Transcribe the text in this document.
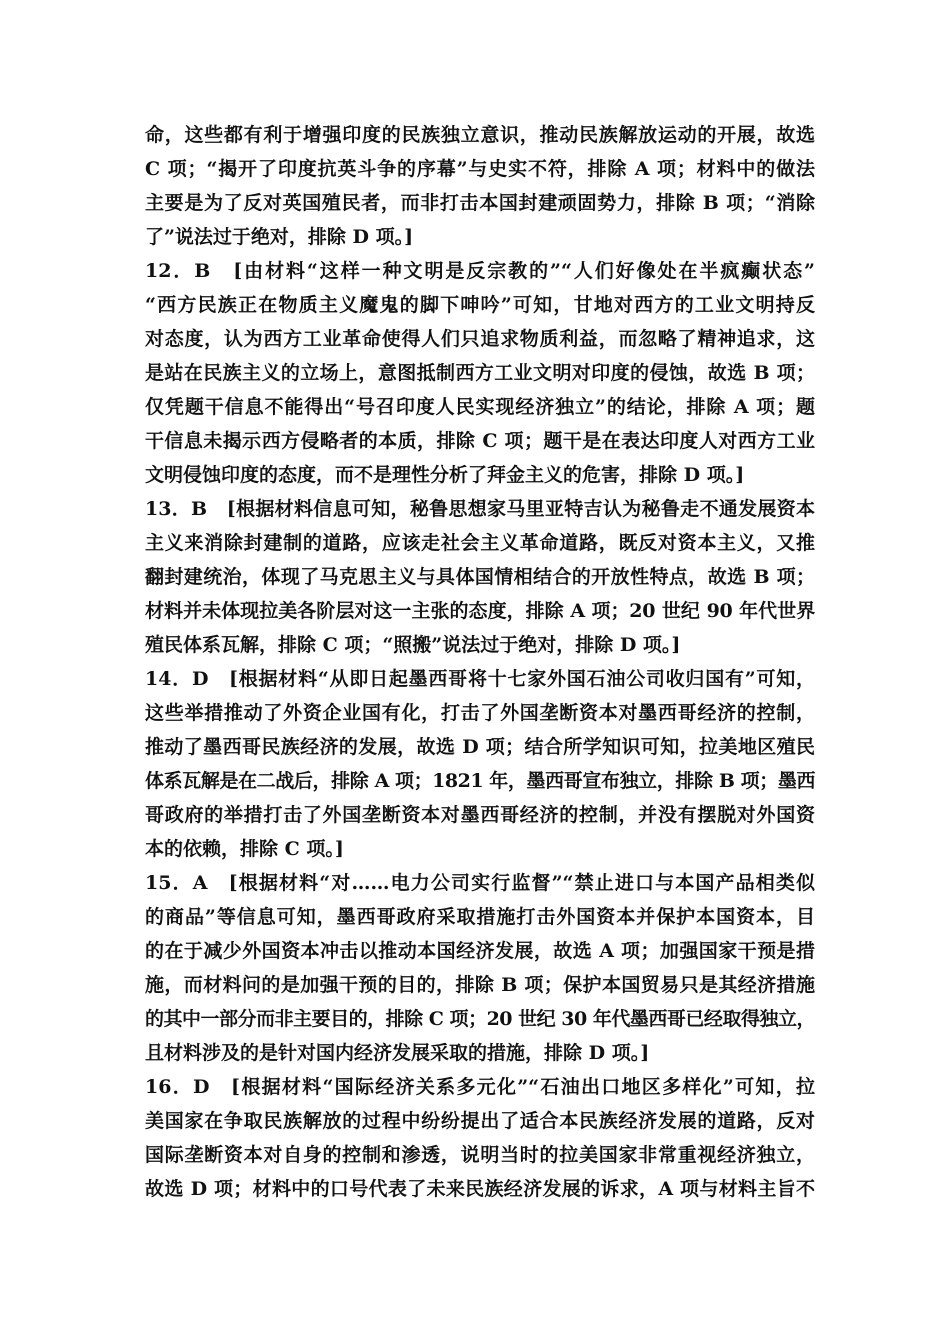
命，这些都有利于增强印度的民族独立意识，推动民族解放运动的开展，故选
C 项；“揭开了印度抗英斗争的序幕”与史实不符，排除 A 项；材料中的做法
主要是为了反对英国殖民者，而非打击本国封建顽固势力，排除 B 项；“消除
了”说法过于绝对，排除 D 项。]
12．B　[由材料“这样一种文明是反宗教的”“人们好像处在半疯癫状态”
“西方民族正在物质主义魔鬼的脚下呻吟”可知，甘地对西方的工业文明持反
对态度，认为西方工业革命使得人们只追求物质利益，而忽略了精神追求，这
是站在民族主义的立场上，意图抵制西方工业文明对印度的侵蚀，故选 B 项；
仅凭题干信息不能得出“号召印度人民实现经济独立”的结论，排除 A 项；题
干信息未揭示西方侵略者的本质，排除 C 项；题干是在表达印度人对西方工业
文明侵蚀印度的态度，而不是理性分析了拜金主义的危害，排除 D 项。]
13．B　[根据材料信息可知，秘鲁思想家马里亚特吉认为秘鲁走不通发展资本
主义来消除封建制的道路，应该走社会主义革命道路，既反对资本主义，又推
翻封建统治，体现了马克思主义与具体国情相结合的开放性特点，故选 B 项；
材料并未体现拉美各阶层对这一主张的态度，排除 A 项；20 世纪 90 年代世界
殖民体系瓦解，排除 C 项；“照搬”说法过于绝对，排除 D 项。]
14．D　[根据材料“从即日起墨西哥将十七家外国石油公司收归国有”可知，
这些举措推动了外资企业国有化，打击了外国垄断资本对墨西哥经济的控制，
推动了墨西哥民族经济的发展，故选 D 项；结合所学知识可知，拉美地区殖民
体系瓦解是在二战后，排除 A 项；1821 年，墨西哥宣布独立，排除 B 项；墨西
哥政府的举措打击了外国垄断资本对墨西哥经济的控制，并没有摆脱对外国资
本的依赖，排除 C 项。]
15．A　[根据材料“对……电力公司实行监督”“禁止进口与本国产品相类似
的商品”等信息可知，墨西哥政府采取措施打击外国资本并保护本国资本，目
的在于减少外国资本冲击以推动本国经济发展，故选 A 项；加强国家干预是措
施，而材料问的是加强干预的目的，排除 B 项；保护本国贸易只是其经济措施
的其中一部分而非主要目的，排除 C 项；20 世纪 30 年代墨西哥已经取得独立，
且材料涉及的是针对国内经济发展采取的措施，排除 D 项。]
16．D　[根据材料“国际经济关系多元化”“石油出口地区多样化”可知，拉
美国家在争取民族解放的过程中纷纷提出了适合本民族经济发展的道路，反对
国际垄断资本对自身的控制和渗透，说明当时的拉美国家非常重视经济独立，
故选 D 项；材料中的口号代表了未来民族经济发展的诉求，A 项与材料主旨不
